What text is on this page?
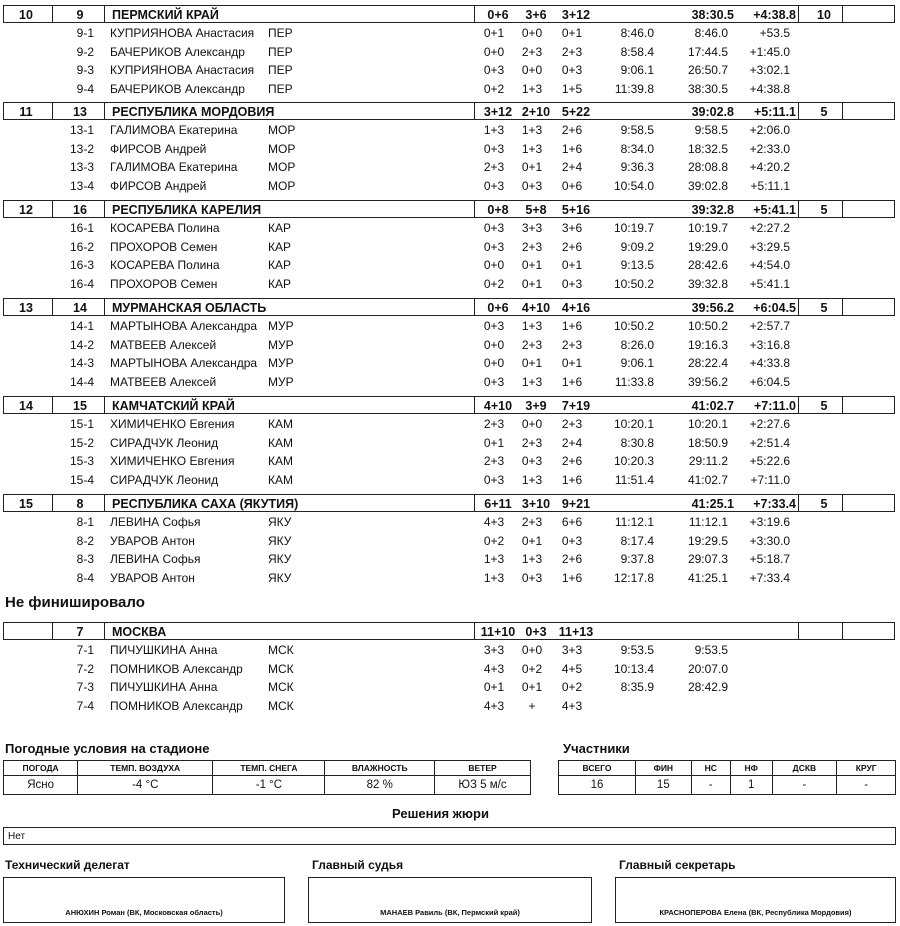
10	9	ПЕРМСКИЙ КРАЙ	0+6	3+6	3+12	38:30.5	+4:38.8	10
9-1 КУПРИЯНОВА Анастасия ПЕР	0+1	0+0	0+1	8:46.0	8:46.0	+53.5
9-2 БАЧЕРИКОВ Александр ПЕР	0+0	2+3	2+3	8:58.4	17:44.5	+1:45.0
9-3 КУПРИЯНОВА Анастасия ПЕР	0+3	0+0	0+3	9:06.1	26:50.7	+3:02.1
9-4 БАЧЕРИКОВ Александр ПЕР	0+2	1+3	1+5	11:39.8	38:30.5	+4:38.8
11	13	РЕСПУБЛИКА МОРДОВИЯ	3+12 2+10 5+22	39:02.8	+5:11.1	5
13-1 ГАЛИМОВА Екатерина	МОР	1+3	1+3	2+6	9:58.5	9:58.5	+2:06.0
13-2 ФИРСОВ Андрей	МОР	0+3	1+3	1+6	8:34.0	18:32.5	+2:33.0
13-3 ГАЛИМОВА Екатерина	МОР	2+3	0+1	2+4	9:36.3	28:08.8	+4:20.2
13-4 ФИРСОВ Андрей	МОР	0+3	0+3	0+6	10:54.0	39:02.8	+5:11.1
12	16	РЕСПУБЛИКА КАРЕЛИЯ	0+8	5+8	5+16	39:32.8	+5:41.1	5
16-1 КОСАРЕВА Полина	КАР	0+3	3+3	3+6	10:19.7	10:19.7	+2:27.2
16-2 ПРОХОРОВ Семен	КАР	0+3	2+3	2+6	9:09.2	19:29.0	+3:29.5
16-3 КОСАРЕВА Полина	КАР	0+0	0+1	0+1	9:13.5	28:42.6	+4:54.0
16-4 ПРОХОРОВ Семен	КАР	0+2	0+1	0+3	10:50.2	39:32.8	+5:41.1
13	14	МУРМАНСКАЯ ОБЛАСТЬ	0+6	4+10 4+16	39:56.2	+6:04.5	5
14-1 МАРТЫНОВА Александра МУР	0+3	1+3	1+6	10:50.2	10:50.2	+2:57.7
14-2 МАТВЕЕВ Алексей	МУР	0+0	2+3	2+3	8:26.0	19:16.3	+3:16.8
14-3 МАРТЫНОВА Александра МУР	0+0	0+1	0+1	9:06.1	28:22.4	+4:33.8
14-4 МАТВЕЕВ Алексей	МУР	0+3	1+3	1+6	11:33.8	39:56.2	+6:04.5
14	15	КАМЧАТСКИЙ КРАЙ	4+10	3+9	7+19	41:02.7	+7:11.0	5
15-1 ХИМИЧЕНКО Евгения	КАМ	2+3	0+0	2+3	10:20.1	10:20.1	+2:27.6
15-2 СИРАДЧУК Леонид	КАМ	0+1	2+3	2+4	8:30.8	18:50.9	+2:51.4
15-3 ХИМИЧЕНКО Евгения	КАМ	2+3	0+3	2+6	10:20.3	29:11.2	+5:22.6
15-4 СИРАДЧУК Леонид	КАМ	0+3	1+3	1+6	11:51.4	41:02.7	+7:11.0
15	8	РЕСПУБЛИКА САХА (ЯКУТИЯ)	6+11 3+10 9+21	41:25.1	+7:33.4	5
8-1 ЛЕВИНА Софья	ЯКУ	4+3	2+3	6+6	11:12.1	11:12.1	+3:19.6
8-2 УВАРОВ Антон	ЯКУ	0+2	0+1	0+3	8:17.4	19:29.5	+3:30.0
8-3 ЛЕВИНА Софья	ЯКУ	1+3	1+3	2+6	9:37.8	29:07.3	+5:18.7
8-4 УВАРОВ Антон	ЯКУ	1+3	0+3	1+6	12:17.8	41:25.1	+7:33.4
Не финишировало
7	МОСКВА	11+10 0+3 11+13
7-1 ПИЧУШКИНА Анна	МСК	3+3	0+0	3+3	9:53.5	9:53.5
7-2 ПОМНИКОВ Александр МСК	4+3	0+2	4+5	10:13.4	20:07.0
7-3 ПИЧУШКИНА Анна	МСК	0+1	0+1	0+2	8:35.9	28:42.9
7-4 ПОМНИКОВ Александр МСК	4+3	+	4+3
Погодные условия на стадионе
ПОГОДА	ТЕМП. ВОЗДУХА	ТЕМП. СНЕГА	ВЛАЖНОСТЬ	ВЕТЕР
Ясно	-4 °C	-1 °C	82 %	ЮЗ 5 м/с
Участники
ВСЕГО	ФИН	НС	НФ	ДСКВ	КРУГ
16	15	-	1	-	-
Решения жюри
Нет
Технический делегат
АНЮХИН Роман (ВК, Московская область)
Главный судья
МАНАЕВ Равиль (ВК, Пермский край)
Главный секретарь
КРАСНОПЕРОВА Елена (ВК, Республика Мордовия)
